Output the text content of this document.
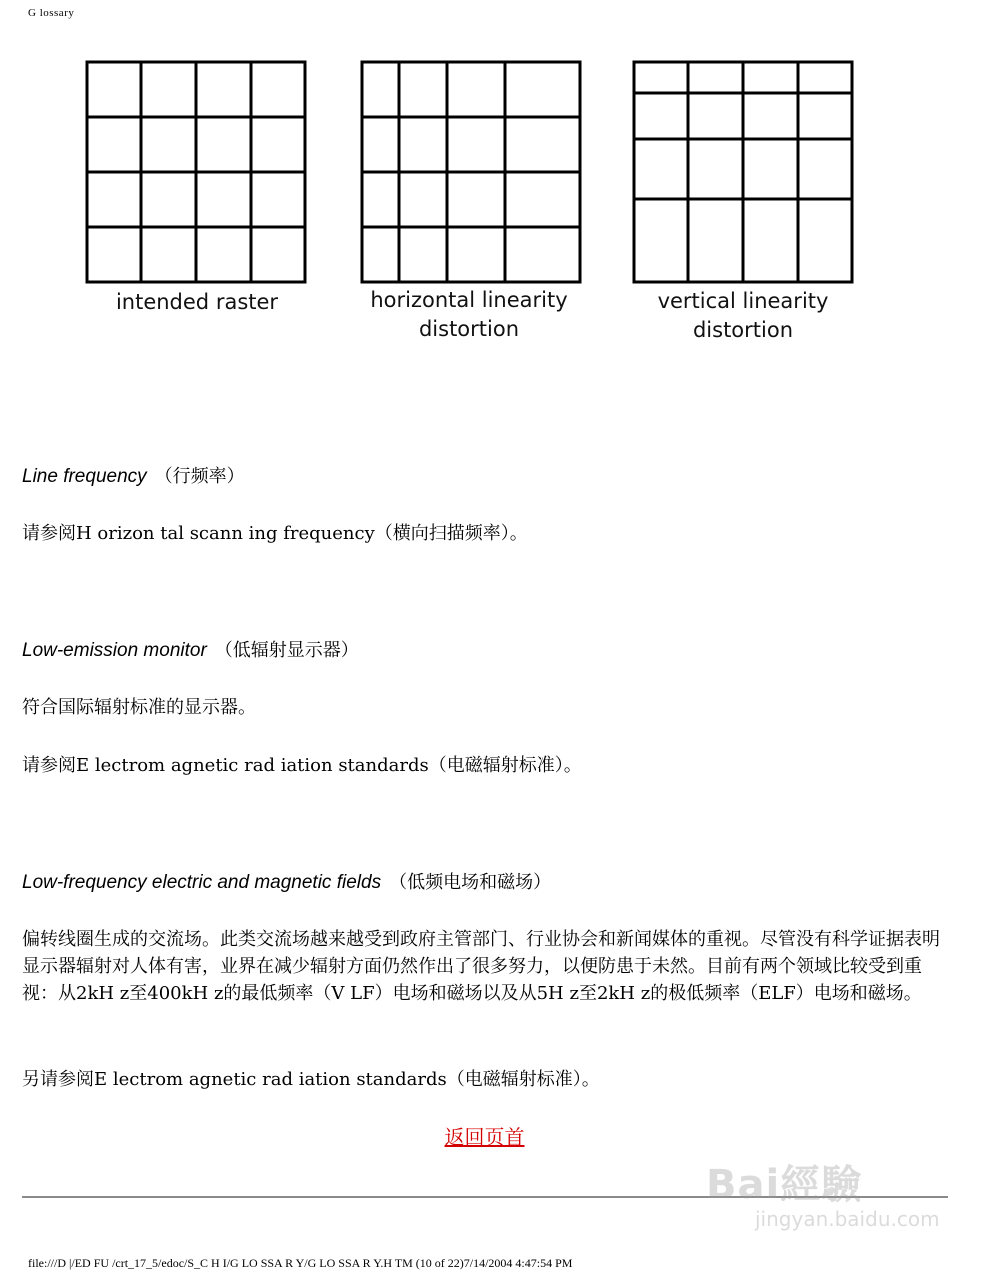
G lossary
intended raster	horizontal linearity
distortion
vertical linearity
distortion
Line frequency （行频率）
请参阅H orizon tal scann ing frequency（横向扫描频率）。
Low-emission monitor （低辐射显示器）
符合国际辐射标准的显示器。
请参阅E lectrom agnetic rad iation standards（电磁辐射标准）。
Low-frequency electric and magnetic fields （低频电场和磁场）
偏转线圈生成的交流场。此类交流场越来越受到政府主管部门、行业协会和新闻媒体的重视。尽管没有科学证据表明显示器辐射对人体有害，业界在减少辐射方面仍然作出了很多努力，以便防患于未然。目前有两个领域比较受到重视：从2kH z至400kH z的最低频率（V LF）电场和磁场以及从5H z至2kH z的极低频率（ELF）电场和磁场。
另请参阅E lectrom agnetic rad iation standards（电磁辐射标准）。
返回页首
Bai經驗
jingyan.baidu.com
file:///D |/ED FU /crt_17_5/edoc/S_C H I/G LO SSA R Y/G LO SSA R Y.H TM (10 of 22)7/14/2004 4:47:54 PM
